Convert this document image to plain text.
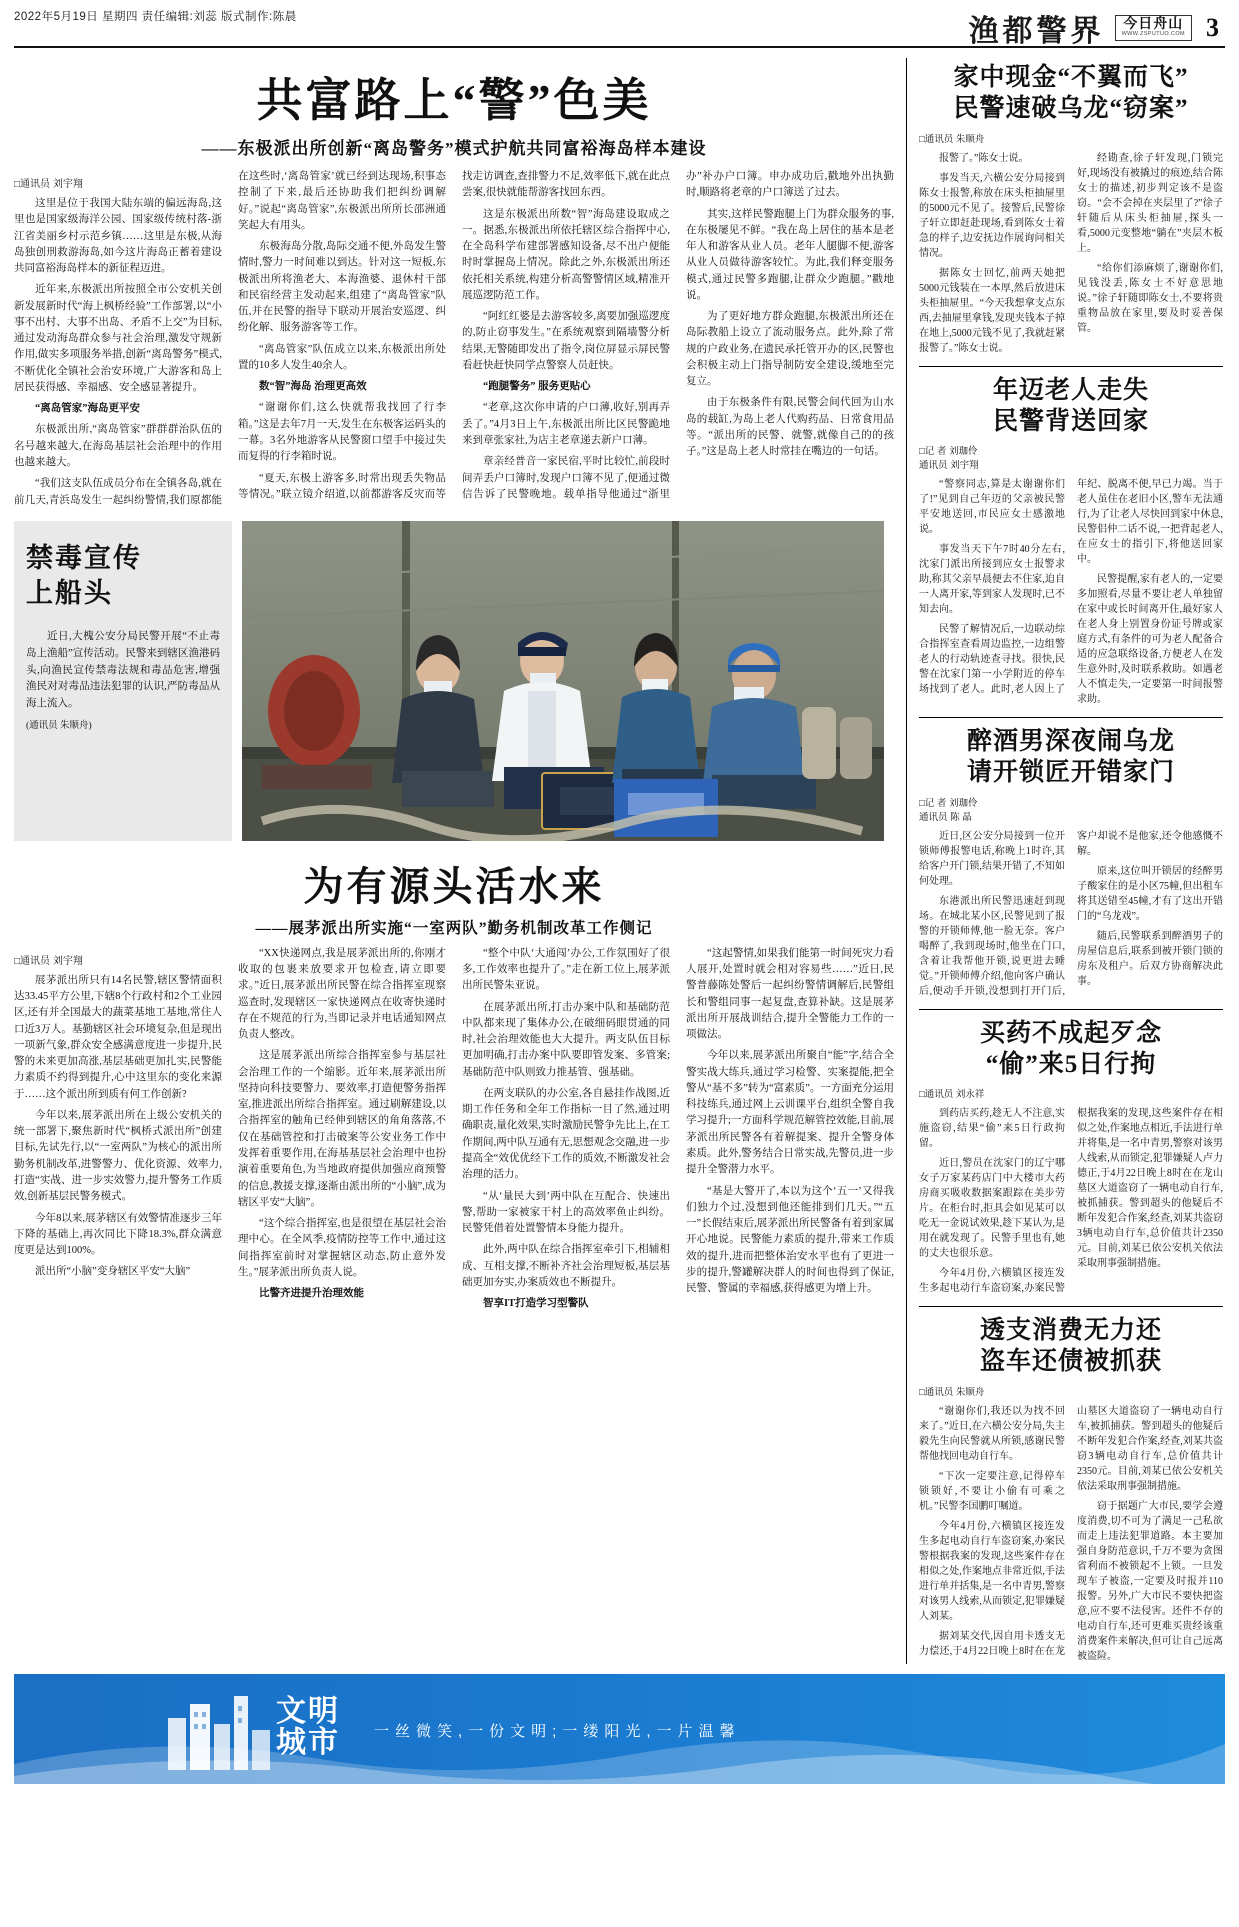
2022年5月19日 星期四 责任编辑:刘蕊 版式制作:陈晨	渔都警界 今日舟山
WWW.ZSPUTUO.COM 3
共富路上“警”色美
——东极派出所创新“离岛警务”模式护航共同富裕海岛样本建设
□通讯员 刘宇翔

这里是位于我国大陆东端的偏远海岛,这里也是国家级海洋公园、国家级传统村落-浙江省美丽乡村示范乡镇……这里是东极,从海岛独创刑救游海岛,如今这片海岛正蓄着建设共同富裕海岛样本的新征程迈进。

近年来,东极派出所按照全市公安机关创新发展新时代“海上枫桥经验”工作部署,以“小事不出村、大事不出岛、矛盾不上交”为目标,通过发动海岛群众参与社会治理,激发守规新作用,做实多项服务举措,创新“离岛警务”模式,不断优化全镇社会治安环境,广大游客和岛上居民获得感、幸福感、安全感显著提升。

“离岛管家”海岛更平安

东极派出所,“离岛管家”群群群治队伍的名号越来越大,在海岛基层社会治理中的作用也越来越大。

“我们这支队伍成员分布在全镇各岛,就在前几天,青浜岛发生一起纠纷警情,我们原都能在这些时,‘离岛管家’就已经到达现场,积事态控制了下来,最后还协助我们把纠纷调解好。”说起“离岛管家”,东极派出所所长邵洲通笑起大有用头。

东极海岛分散,岛际交通不便,外岛发生警情时,警力一时间难以到达。针对这一短板,东极派出所将渔老大、本海渔婆、退休村干部和民宿经营主发动起来,组建了“离岛管家”队伍,并在民警的指导下联动开展治安巡逻、纠纷化解、服务游客等工作。

“离岛管家”队伍成立以来,东极派出所处置的10多人发生40余人。

数“智”海岛 治理更高效

“谢谢你们,这么快就帮我找回了行李箱。”这是去年7月一天,发生在东极客运码头的一幕。3名外地游客从民警窗口望手中接过失而复得的行李箱时说。

“夏天,东极上游客多,时常出现丢失物品等情况。”联立镜介绍道,以前都游客反灾而等找走访调查,查排警力不足,效率低下,就在此点尝案,很快就能帮游客找回东西。

这是东极派出所数“智”海岛建设取成之一。据悉,东极派出所依托辖区综合指挥中心,在全岛科学布建部署感知设备,尽不出户便能时时掌握岛上情况。除此之外,东极派出所还依托相关系统,构建分析高警警情区域,精准开展巡逻防范工作。

“阿红红婆是去游客较多,离要加强巡逻度的,防止窃事发生。”在系统观察到隔墙警分析结果,无警随即发出了指令,岗位屏显示屏民警看赶快赶快同学点警察人员赶快。

“跑腿警务” 服务更贴心

“老章,这次你申请的户口薄,收好,别再弄丢了。”4月3日上午,东极派出所比区民警跪地来到章张家社,为店主老章递去新户口薄。

章亲经普音一家民宿,平时比较忙,前段时间弄丢户口簿时,发现户口簿不见了,便通过微信告诉了民警晚地。载单指导他通过“浙里办”补办户口簿。申办成功后,戳地外出执勤时,顺路将老章的户口簿送了过去。

其实,这样民警跑腿上门为群众服务的事,在东极屡见不鲜。“我在岛上居住的基本是老年人和游客从业人员。老年人腿脚不便,游客从业人员做待游客较忙。为此,我们释变服务模式,通过民警多跑腿,让群众少跑腿。”戳地说。

为了更好地方群众跑腿,东极派出所还在岛际教船上设立了流动服务点。此外,除了常规的户政业务,在遗民承托管开办的区,民警也会积极主动上门指导制防安全建设,缓地至完复立。

由于东极条件有限,民警会间代回为山水岛的载缸,为岛上老人代购药品、日常食用品等。“派出所的民警、就警,就像自己的的孩子。”这是岛上老人时常挂在嘴边的一句话。

禁毒宣传
上船头

近日,大槐公安分局民警开展“不止毒岛上渔船”宣传活动。民警来到辖区渔港码头,向渔民宣传禁毒法规和毒品危害,增强渔民对对毒品违法犯罪的认识,严防毒品从海上流入。

(通讯员 朱顺舟)

为有源头活水来
——展茅派出所实施“一室两队”勤务机制改革工作侧记
□通讯员 刘宇翔

展茅派出所只有14名民警,辖区警情面积达33.45平方公里,下辖8个行政村和2个工业园区,还有并全国最大的蔬菜基地工基地,常住人口近3万人。基勤辖区社会环境复杂,但是现出一项新气象,群众安全感满意度进一步提升,民警的未来更加高涨,基层基础更加扎实,民警能力素质不约得到提升,心中这里东的变化来源于……这个派出所到质有何工作创新?

今年以来,展茅派出所在上级公安机关的统一部署下,聚焦新时代“枫桥式派出所”创建目标,先试先行,以“一室两队”为核心的派出所勤务机制改革,进警警力、优化资源、效率力,打造“实战、进一步实效警力,提升警务工作质效,创新基层民警务模式。

今年8以来,展茅辖区有效警情准逐步三年下降的基础上,再次同比下降18.3%,群众满意度更是达到100%。

派出所“小脑”变身辖区平安“大脑”

“XX快递网点,我是展茅派出所的,你刚才收取的包裹来放要求开包检查,请立即要求。”近日,展茅派出所民警在综合指挥室现察巡查时,发现辖区一家快递网点在收寄快递时存在不规范的行为,当即记录并电话通知网点负责人整改。

这是展茅派出所综合指挥室参与基层社会治理工作的一个缩影。近年来,展茅派出所坚持向科技要警力、要效率,打造便警务指挥室,推进派出所综合指挥室。通过刷解建设,以合指挥室的触角已经伸到辖区的角角落落,不仅在基础管控和打击破案等公安业务工作中发挥着重要作用,在海基基层社会治理中也扮演着重要角色,为当地政府提供加强应商预警的信息,教援支撑,逐渐由派出所的“小脑”,成为辖区平安“大脑”。

“这个综合指挥室,也是很望在基层社会治理中心。在全风季,疫情防控等工作中,通过这间指挥室前时对掌握辖区动态,防止意外发生。”展茅派出所负责人说。

比警齐进提升治理效能

“整个中队‘大通闯’办公,工作氛围好了很多,工作效率也提升了。”走在新工位上,展茅派出所民警朱亚说。

在展茅派出所,打击办案中队和基础防范中队都来现了集体办公,在破细码眼贯通的同时,社会治理效能也大大提升。两支队伍目标更加明确,打击办案中队要即管发案、多管案;基础防范中队则致力推基管、强基础。

在两支联队的办公室,各自悬挂作战图,近期工作任务和全年工作指标一目了然,通过明确职责,量化效果,实时激励民警争先比上,在工作期间,两中队互通有无,思想观念交融,进一步提高全“效优优经下工作的质效,不断激发社会治理的活力。

“从‘量民大到’两中队在互配合、快速出警,帮助一家被家干村上的高效率鱼止纠纷。民警凭借着处置警情本身能力提升。

此外,两中队在综合指挥室牵引下,相辅相成、互相支撑,不断补齐社会治理短板,基层基础更加夯实,办案质效也不断提升。

智享IT打造学习型警队

“这起警情,如果我们能第一时间死灾力看人展开,处置时就会相对容易些……”近日,民警普藤陈处警后一起纠纷警情调解后,民警组长和警组同事一起复盘,查算补缺。这是展茅派出所开展战训结合,提升全警能力工作的一项做法。

今年以来,展茅派出所聚自“能”字,结合全警实战大练兵,通过学习检警、实案提能,把全警从“基不多”转为“富素质”。一方面充分运用科技练兵,通过网上云训课平台,组织全警自我学习提升;一方面科学规范解管控效能,目前,展茅派出所民警各有着解提案、提升全警身体素质。此外,警务结合日常实战,先警员,进一步提升全警潜力水平。

“基是大警开了,本以为这个‘五一’又得我们独力个过,没想到他还能排到们几天。”“五一”长假结束后,展茅派出所民警备有着到家属开心地说。民警能力素质的提升,带来工作质效的提升,进而把整体治安水平也有了更进一步的提升,警罐解决群人的时间也得到了保证,民警、警属的幸福感,获得感更为增上升。

家中现金“不翼而飞”
民警速破乌龙“窃案”
□通讯员 朱顺舟

报警了。”陈女士说。

事发当天,六横公安分局接到陈女士报警,称放在床头柜抽屉里的5000元不见了。接警后,民警徐子轩立即赶赴现场,看到陈女士着急的样子,边安抚边作展询问相关情况。

据陈女士回忆,前两天她把5000元钱装在一本厚,然后放进床头柜抽屉里。“今天我想拿支点东西,去抽屉里拿钱,发现夹钱本子掉在地上,5000元钱不见了,我就赶紧报警了。”陈女士说。

经勘查,徐子轩发现,门锁完好,现场没有被撬过的痕迹,结合陈女士的描述,初步判定该不是盗窃。“会不会掉在夹层里了?”徐子轩随后从床头柜抽屉,探头一看,5000元变整地“躺在”夹层木板上。

“给你们添麻烦了,谢谢你们,见钱没丢,陈女士不好意思地说。”徐子轩随即陈女士,不要将贵重物品放在家里,要及时妥善保管。

年迈老人走失
民警背送回家
□记 者 刘珈伶
通讯员 刘宇翔

“警察同志,算是太谢谢你们了!”见到自己年迈的父亲被民警平安地送回,市民应女士感激地说。

事发当天下午7时40分左右,沈家门派出所接到应女士报警求助,称其父亲早晨便去不住家,迫自一人离开家,等到家人发现时,已不知去向。

民警了解情况后,一边联动综合指挥室查看周边监控,一边组警老人的行动轨迹查寻找。很快,民警在沈家门第一小学附近的停车场找到了老人。此时,老人因上了年纪、脱离不便,早已力竭。当于老人虽住在老旧小区,警车无法通行,为了让老人尽快回到家中休息,民警侣仲二话不说,一把背起老人,在应女士的指引下,将他送回家中。

民警提醒,家有老人的,一定要多加照看,尽量不要让老人单独留在家中或长时间离开住,最好家人在老人身上别置身份证号牌或家庭方式,有条件的可为老人配备合适的应急联络设备,方便老人在发生意外时,及时联系救助。如遇老人不慎走失,一定要第一时间报警求助。

醉酒男深夜闹乌龙
请开锁匠开错家门
□记 者 刘珈伶
通讯员 陈 晶

近日,区公安分局接到一位开锁师傅报警电话,称晚上1时许,其给客户开门锁,结果开错了,不知如何处理。

东港派出所民警迅速赶到现场。在城北某小区,民警见到了报警的开锁师傅,他一脸无奈。客户喝醉了,我到现场时,他坐在门口,含着让我帮他开锁,说更进去睡觉。”开锁师傅介绍,他向客户确认后,便动手开锁,没想到打开门后,客户却说不是他家,还令他感慨不解。

原来,这位叫开锁居的经醉男子酸家住的是小区75幢,但出租车将其送错至45幢,才有了这出开错门的“乌龙戏”。

随后,民警联系到醉酒男子的房屋信息后,联系到被开锁门锁的房东及租户。后双方协商解决此事。

买药不成起歹念
“偷”来5日行拘
□通讯员 刘永祥

到药店买药,趁无人不注意,实施盗窃,结果“偷”来5日行政拘留。

近日,警员在沈家门的辽宁哪女子万家某药店门中大楼市大药房商买吸收数据案跟踪在美步劳片。在柜台时,拒具会如见某可以吃无一金说试效果,趁下某认为,是用在就发现了。民警手里也有,她的丈夫也很乐意。

今年4月份,六横镇区接连发生多起电动行车盗窃案,办案民警根据我案的发现,这些案件存在相似之处,作案地点相近,手法进行单并将集,是一名中青男,警察对该男人线索,从而锁定,犯罪嫌疑人卢力德正,于4月22日晚上8时在在龙山墓区大道盗窃了一辆电动自行车,被抓捕获。警到超头的他疑后不断年发犯合作案,经查,刘某共盗窃3辆电动自行车,总价值共计2350元。目前,刘某已依公安机关依法采取刑事强制措施。

透支消费无力还
盗车还债被抓获
□通讯员 朱顺舟

“谢谢你们,我还以为找不回来了。”近日,在六横公安分局,失主毅先生向民警就从所锁,感谢民警帮他找回电动自行车。

“下次一定要注意,记得停车锁锁好,不要让小偷有可乘之机。”民警李国鹏叮嘱道。

今年4月份,六横镇区接连发生多起电动自行车盗窃案,办案民警根据我案的发现,这些案件存在相似之处,作案地点非常近似,手法进行单并括集,是一名中青男,警察对该男人线索,从而锁定,犯罪嫌疑人刘某。

据刘某交代,因自用卡透支无力偿还,于4月22日晚上8时在在龙山墓区大道盗窃了一辆电动自行车,被抓捕获。警到超头的他疑后不断年发犯合作案,经查,刘某共盗窃3辆电动自行车,总价值共计2350元。目前,刘某已依公安机关依法采取刑事强制措施。

窃于据题广大市民,要学会遵度消费,切不可为了满足一己私欲而走上违法犯罪道路。本主要加强自身防范意识,千万不要为贪图省利而不被锁起不上锁。一旦发现车子被盗,一定要及时报并110报警。另外,广大市民不要快把盗意,应不要不法侵害。还件不存的电动自行车,还可更难买贵经该重消费案件来解决,但可让自己远离被盗险。

文明
城市 一丝微笑,一份文明;一缕阳光,一片温馨
